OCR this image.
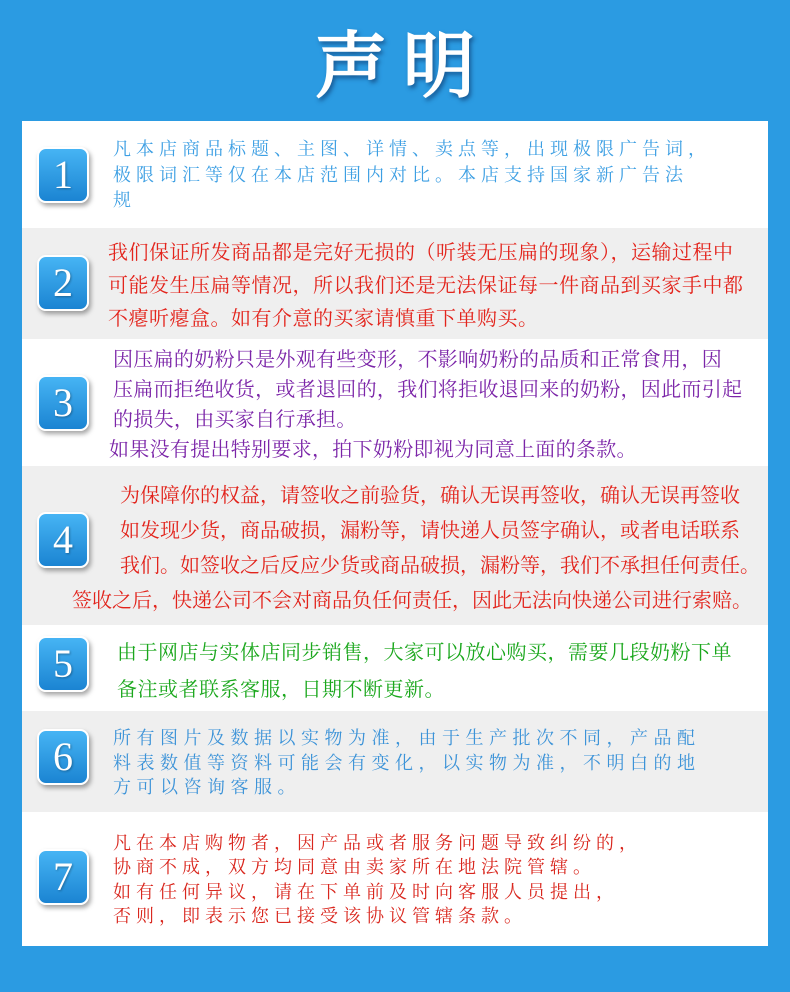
声明
1
凡本店商品标题、主图、详情、卖点等，出现极限广告词，
极限词汇等仅在本店范围内对比。本店支持国家新广告法
规
2
我们保证所发商品都是完好无损的（听装无压扁的现象），运输过程中
可能发生压扁等情况，所以我们还是无法保证每一件商品到买家手中都
不瘪听瘪盒。如有介意的买家请慎重下单购买。
3
因压扁的奶粉只是外观有些变形，不影响奶粉的品质和正常食用，因
压扁而拒绝收货，或者退回的，我们将拒收退回来的奶粉，因此而引起
的损失，由买家自行承担。
如果没有提出特别要求，拍下奶粉即视为同意上面的条款。
4
为保障你的权益，请签收之前验货，确认无误再签收，确认无误再签收
如发现少货，商品破损，漏粉等，请快递人员签字确认，或者电话联系
我们。如签收之后反应少货或商品破损，漏粉等，我们不承担任何责任。
签收之后，快递公司不会对商品负任何责任，因此无法向快递公司进行索赔。
5	由于网店与实体店同步销售，大家可以放心购买，需要几段奶粉下单
备注或者联系客服，日期不断更新。
6	所有图片及数据以实物为准，由于生产批次不同，产品配
料表数值等资料可能会有变化，以实物为准，不明白的地
方可以咨询客服。
7
凡在本店购物者，因产品或者服务问题导致纠纷的，
协商不成，双方均同意由卖家所在地法院管辖。
如有任何异议，请在下单前及时向客服人员提出，
否则，即表示您已接受该协议管辖条款。
